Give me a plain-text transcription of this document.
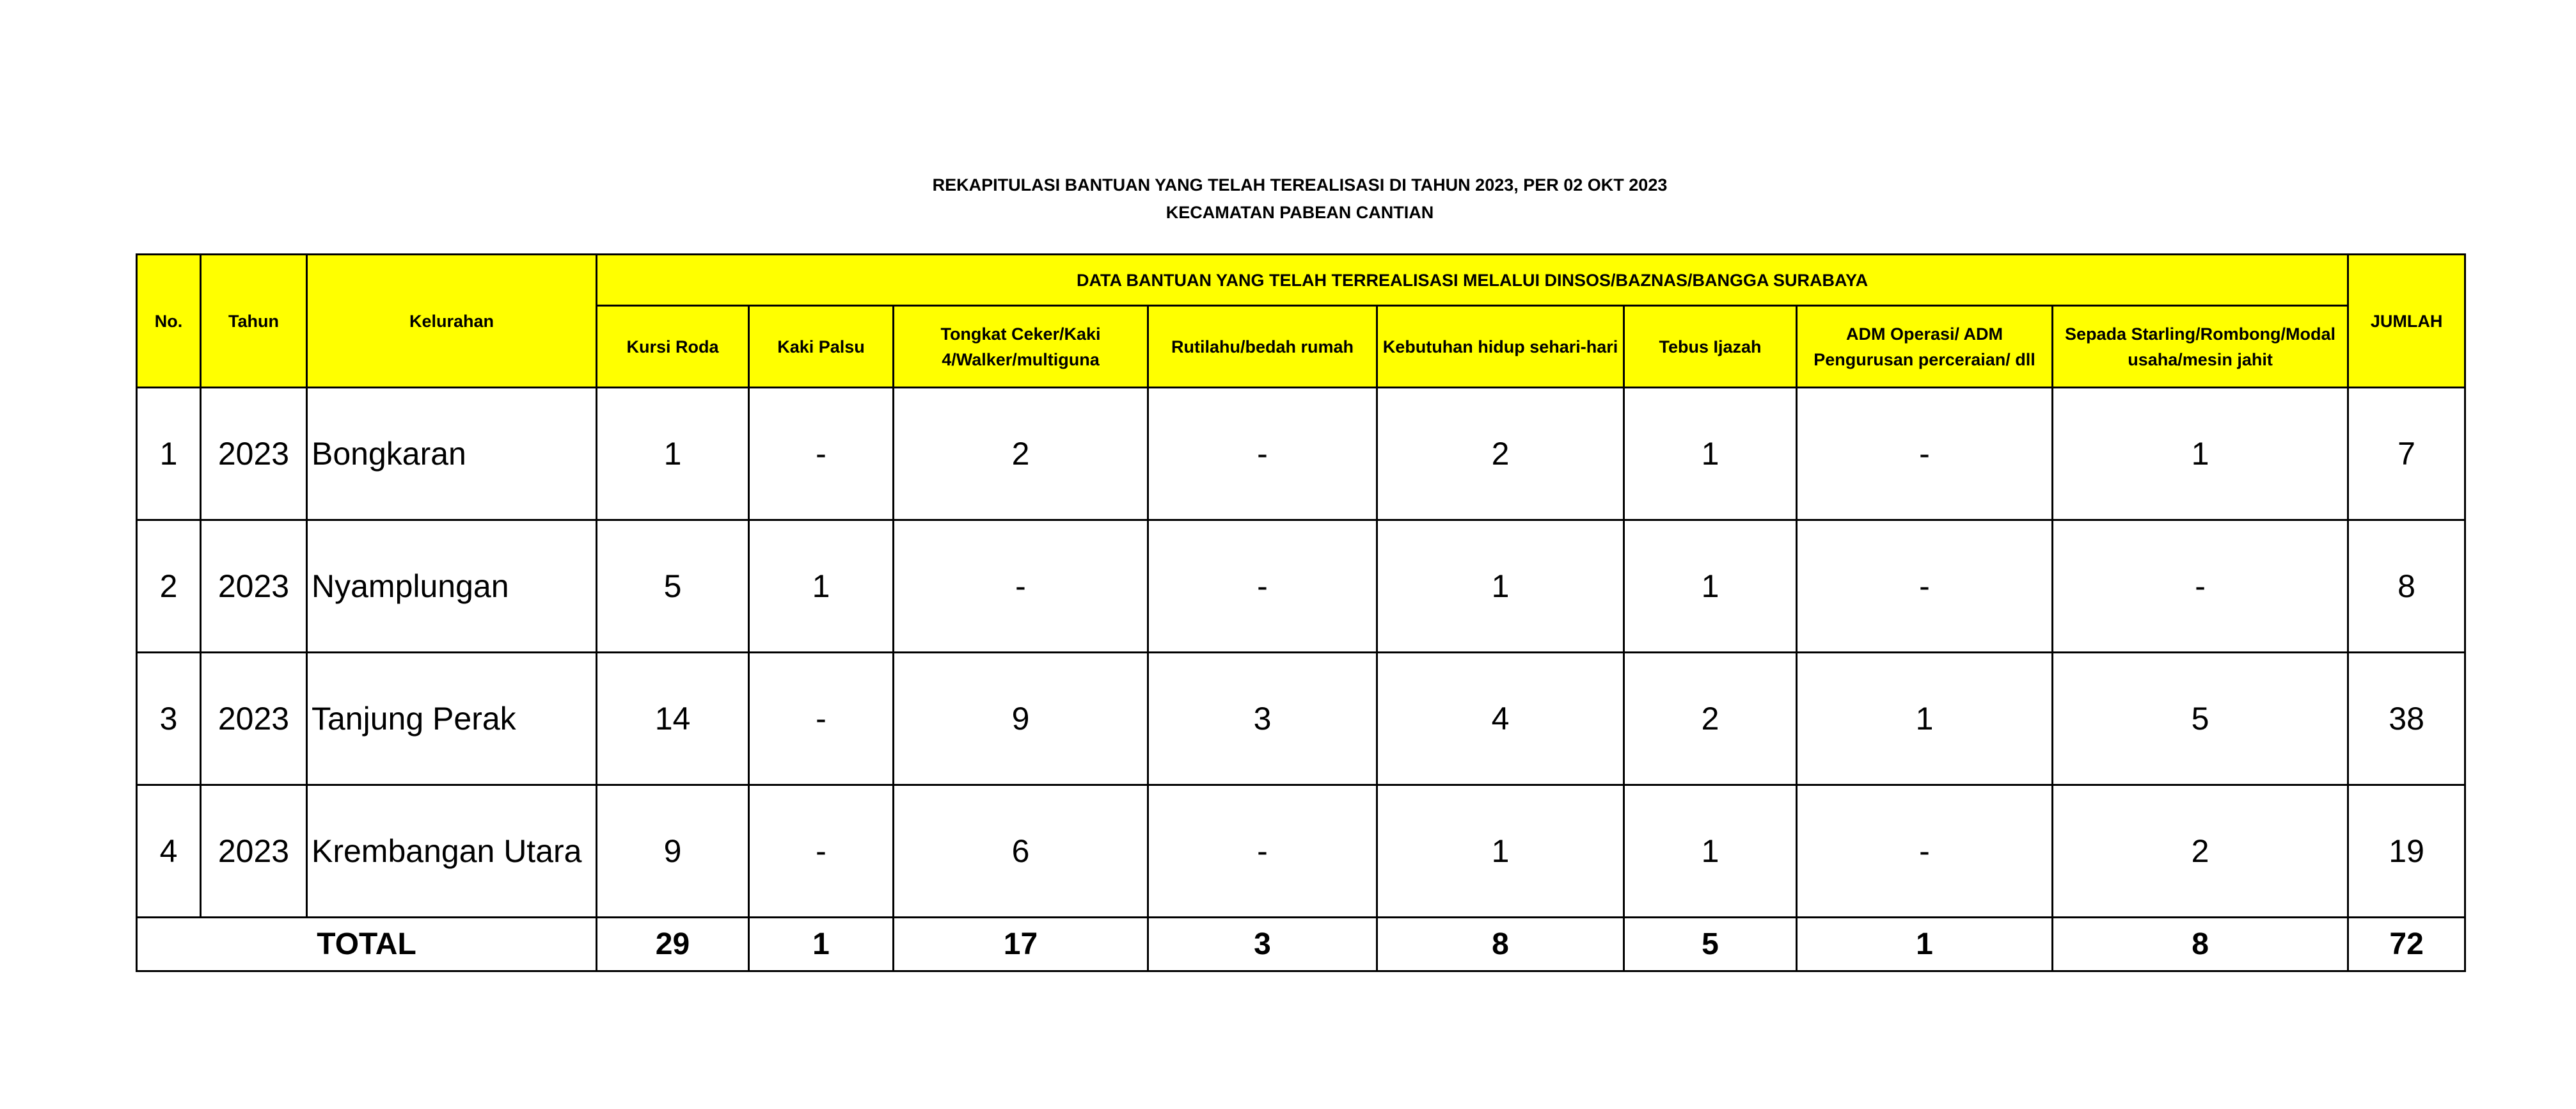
REKAPITULASI BANTUAN YANG TELAH TEREALISASI DI TAHUN 2023, PER 02 OKT 2023
KECAMATAN PABEAN CANTIAN
No.	Tahun	Kelurahan	DATA BANTUAN YANG TELAH TERREALISASI MELALUI DINSOS/BAZNAS/BANGGA SURABAYA								JUMLAH
			Kursi Roda	Kaki Palsu	Tongkat Ceker/Kaki 4/Walker/multiguna	Rutilahu/bedah rumah	Kebutuhan hidup sehari-hari	Tebus Ijazah	ADM Operasi/ ADM Pengurusan perceraian/ dll	Sepada Starling/Rombong/Modal usaha/mesin jahit	
1	2023	Bongkaran	1	-	2	-	2	1	-	1	7
2	2023	Nyamplungan	5	1	-	-	1	1	-	-	8
3	2023	Tanjung Perak	14	-	9	3	4	2	1	5	38
4	2023	Krembangan Utara	9	-	6	-	1	1	-	2	19
TOTAL			29	1	17	3	8	5	1	8	72
